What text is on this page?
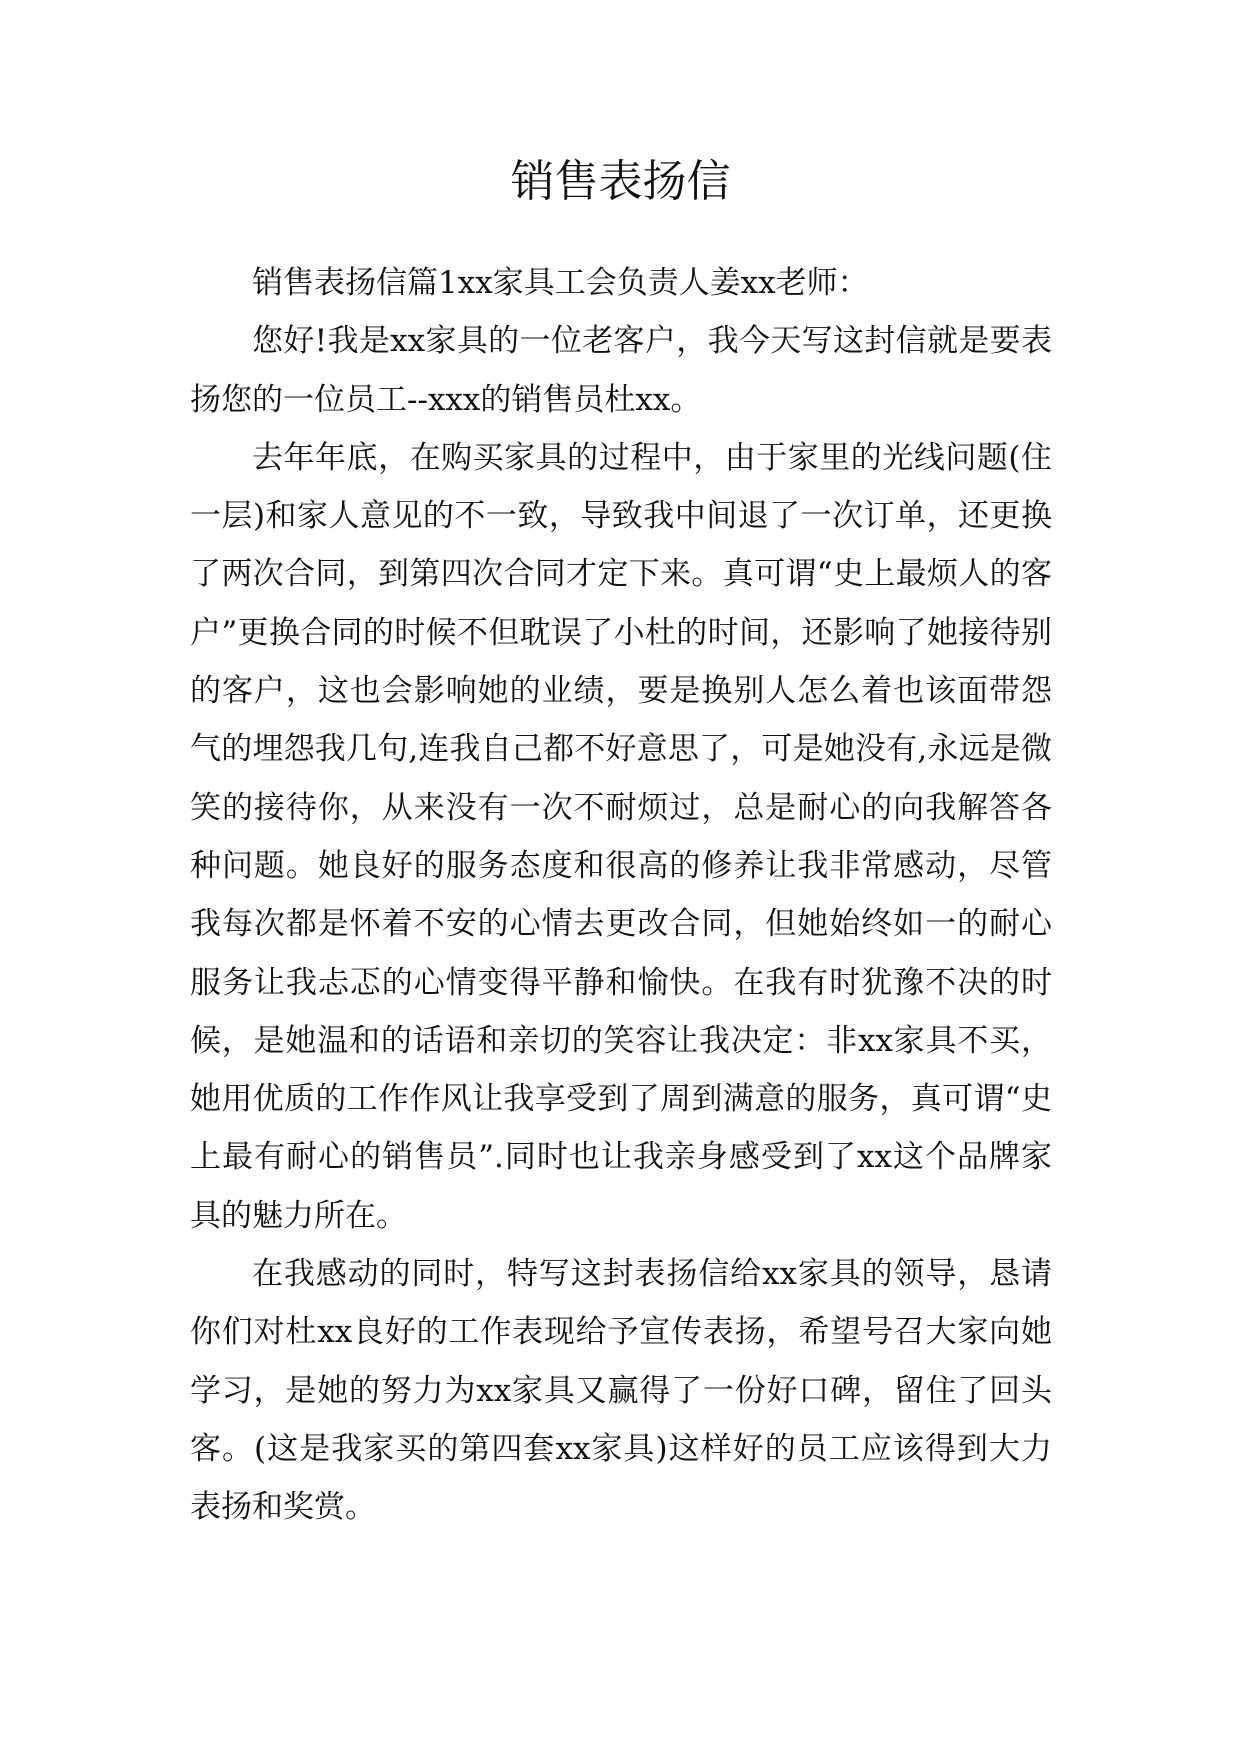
销售表扬信

销售表扬信篇1xx家具工会负责人姜xx老师：

您好!我是xx家具的一位老客户，我今天写这封信就是要表扬您的一位员工--xxx的销售员杜xx。

去年年底，在购买家具的过程中，由于家里的光线问题(住一层)和家人意见的不一致，导致我中间退了一次订单，还更换了两次合同，到第四次合同才定下来。真可谓“史上最烦人的客户”更换合同的时候不但耽误了小杜的时间，还影响了她接待别的客户，这也会影响她的业绩，要是换别人怎么着也该面带怨气的埋怨我几句,连我自己都不好意思了，可是她没有,永远是微笑的接待你，从来没有一次不耐烦过，总是耐心的向我解答各种问题。她良好的服务态度和很高的修养让我非常感动，尽管我每次都是怀着不安的心情去更改合同，但她始终如一的耐心服务让我忐忑的心情变得平静和愉快。在我有时犹豫不决的时候，是她温和的话语和亲切的笑容让我决定：非xx家具不买，她用优质的工作作风让我享受到了周到满意的服务，真可谓“史上最有耐心的销售员”.同时也让我亲身感受到了xx这个品牌家具的魅力所在。

在我感动的同时，特写这封表扬信给xx家具的领导，恳请你们对杜xx良好的工作表现给予宣传表扬，希望号召大家向她学习，是她的努力为xx家具又赢得了一份好口碑，留住了回头客。(这是我家买的第四套xx家具)这样好的员工应该得到大力表扬和奖赏。
